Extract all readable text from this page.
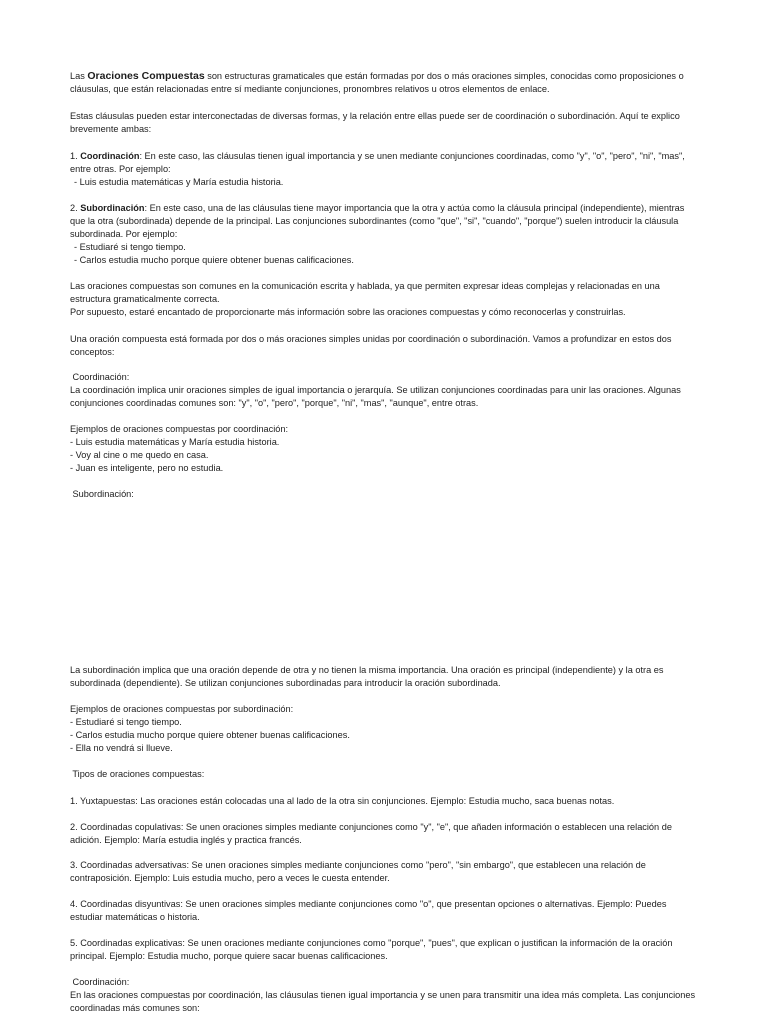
Las Oraciones Compuestas son estructuras gramaticales que están formadas por dos o más oraciones simples, conocidas como proposiciones o cláusulas, que están relacionadas entre sí mediante conjunciones, pronombres relativos u otros elementos de enlace.

Estas cláusulas pueden estar interconectadas de diversas formas, y la relación entre ellas puede ser de coordinación o subordinación. Aquí te explico brevemente ambas:

1. Coordinación: En este caso, las cláusulas tienen igual importancia y se unen mediante conjunciones coordinadas, como "y", "o", "pero", "ni", "mas", entre otras. Por ejemplo:

- Luis estudia matemáticas y María estudia historia.

2. Subordinación: En este caso, una de las cláusulas tiene mayor importancia que la otra y actúa como la cláusula principal (independiente), mientras que la otra (subordinada) depende de la principal. Las conjunciones subordinantes (como "que", "si", "cuando", "porque") suelen introducir la cláusula subordinada. Por ejemplo:

- Estudiaré si tengo tiempo.

- Carlos estudia mucho porque quiere obtener buenas calificaciones.

Las oraciones compuestas son comunes en la comunicación escrita y hablada, ya que permiten expresar ideas complejas y relacionadas en una estructura gramaticalmente correcta.

Por supuesto, estaré encantado de proporcionarte más información sobre las oraciones compuestas y cómo reconocerlas y construirlas.

Una oración compuesta está formada por dos o más oraciones simples unidas por coordinación o subordinación. Vamos a profundizar en estos dos conceptos:

Coordinación:

La coordinación implica unir oraciones simples de igual importancia o jerarquía. Se utilizan conjunciones coordinadas para unir las oraciones. Algunas conjunciones coordinadas comunes son: "y", "o", "pero", "porque", "ni", "mas", "aunque", entre otras.

Ejemplos de oraciones compuestas por coordinación:

- Luis estudia matemáticas y María estudia historia.

- Voy al cine o me quedo en casa.

- Juan es inteligente, pero no estudia.

Subordinación:

La subordinación implica que una oración depende de otra y no tienen la misma importancia. Una oración es principal (independiente) y la otra es subordinada (dependiente). Se utilizan conjunciones subordinadas para introducir la oración subordinada.

Ejemplos de oraciones compuestas por subordinación:

- Estudiaré si tengo tiempo.

- Carlos estudia mucho porque quiere obtener buenas calificaciones.

- Ella no vendrá si llueve.

Tipos de oraciones compuestas:

1. Yuxtapuestas: Las oraciones están colocadas una al lado de la otra sin conjunciones. Ejemplo: Estudia mucho, saca buenas notas.

2. Coordinadas copulativas: Se unen oraciones simples mediante conjunciones como "y", "e", que añaden información o establecen una relación de adición. Ejemplo: María estudia inglés y practica francés.

3. Coordinadas adversativas: Se unen oraciones simples mediante conjunciones como "pero", "sin embargo", que establecen una relación de contraposición. Ejemplo: Luis estudia mucho, pero a veces le cuesta entender.

4. Coordinadas disyuntivas: Se unen oraciones simples mediante conjunciones como "o", que presentan opciones o alternativas. Ejemplo: Puedes estudiar matemáticas o historia.

5. Coordinadas explicativas: Se unen oraciones mediante conjunciones como "porque", "pues", que explican o justifican la información de la oración principal. Ejemplo: Estudia mucho, porque quiere sacar buenas calificaciones.

Coordinación:

En las oraciones compuestas por coordinación, las cláusulas tienen igual importancia y se unen para transmitir una idea más completa. Las conjunciones coordinadas más comunes son:
